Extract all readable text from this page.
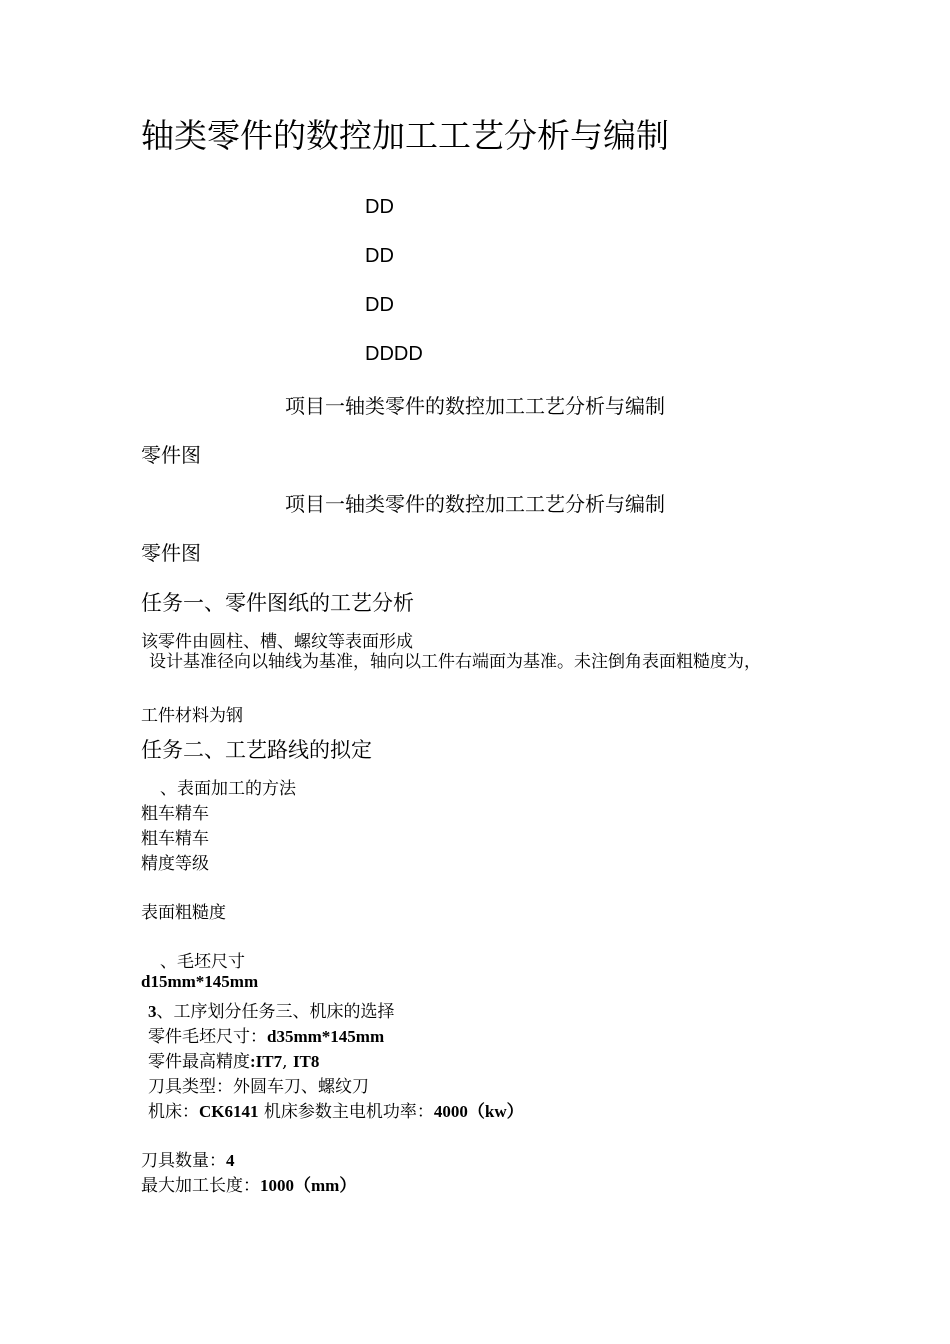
轴类零件的数控加工工艺分析与编制
DD
DD
DD
DDDD
项目一轴类零件的数控加工工艺分析与编制
零件图
项目一轴类零件的数控加工工艺分析与编制
零件图
任务一、零件图纸的工艺分析
该零件由圆柱、槽、螺纹等表面形成
设计基准径向以轴线为基准，轴向以工件右端面为基准。未注倒角表面粗糙度为，
工件材料为钢
任务二、工艺路线的拟定
、表面加工的方法
粗车精车
粗车精车
精度等级
表面粗糙度
、毛坯尺寸
d15mm*145mm
3、工序划分任务三、机床的选择
零件毛坯尺寸：d35mm*145mm
零件最高精度:IT7, IT8
刀具类型：外圆车刀、螺纹刀
机床：CK6141 机床参数主电机功率：4000（kw）
刀具数量：4
最大加工长度：1000（mm）
